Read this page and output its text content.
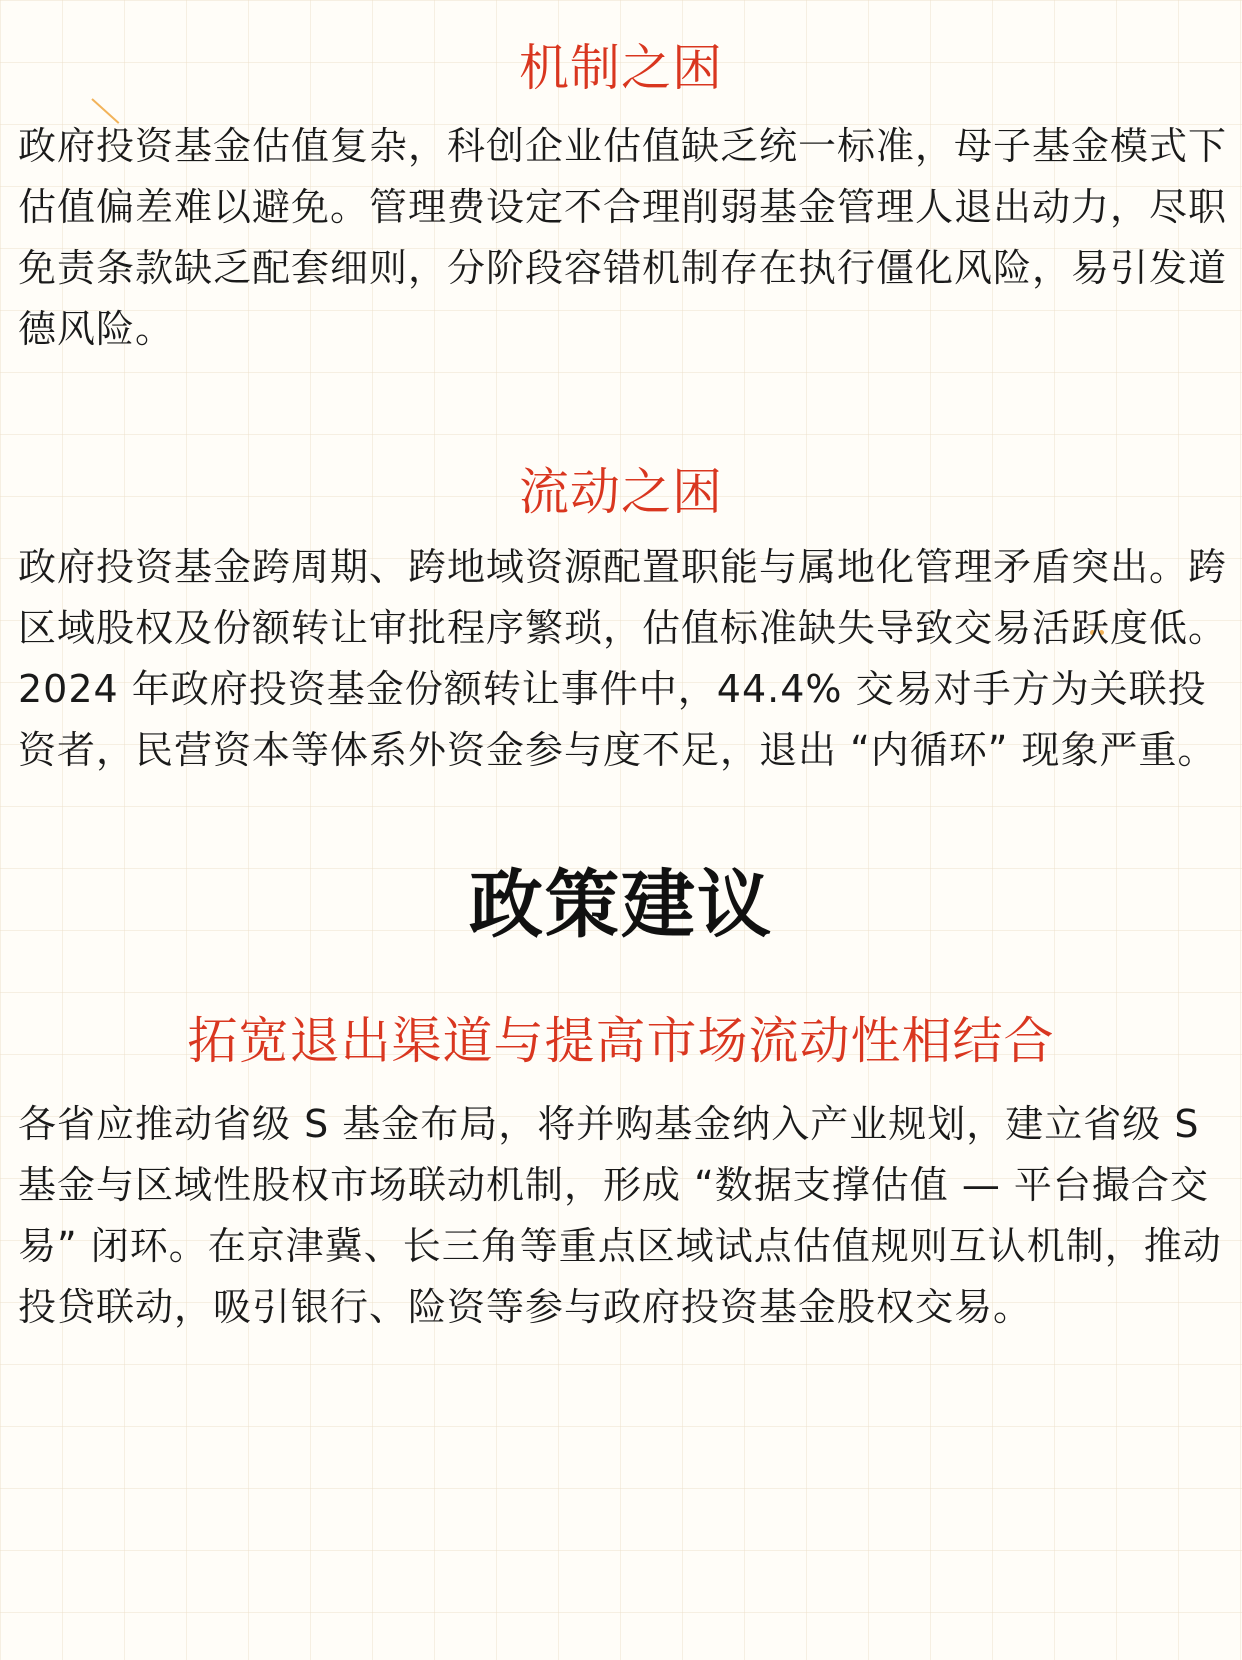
机制之困

政府投资基金估值复杂，科创企业估值缺乏统一标准，母子基金模式下估值偏差难以避免。管理费设定不合理削弱基金管理人退出动力，尽职免责条款缺乏配套细则，分阶段容错机制存在执行僵化风险，易引发道德风险。

流动之困

政府投资基金跨周期、跨地域资源配置职能与属地化管理矛盾突出。跨区域股权及份额转让审批程序繁琐，估值标准缺失导致交易活跃度低。2024 年政府投资基金份额转让事件中，44.4% 交易对手方为关联投资者，民营资本等体系外资金参与度不足，退出 “内循环” 现象严重。

政策建议
拓宽退出渠道与提高市场流动性相结合

各省应推动省级 S 基金布局，将并购基金纳入产业规划，建立省级 S 基金与区域性股权市场联动机制，形成 “数据支撑估值 — 平台撮合交易” 闭环。在京津冀、长三角等重点区域试点估值规则互认机制，推动投贷联动，吸引银行、险资等参与政府投资基金股权交易。
